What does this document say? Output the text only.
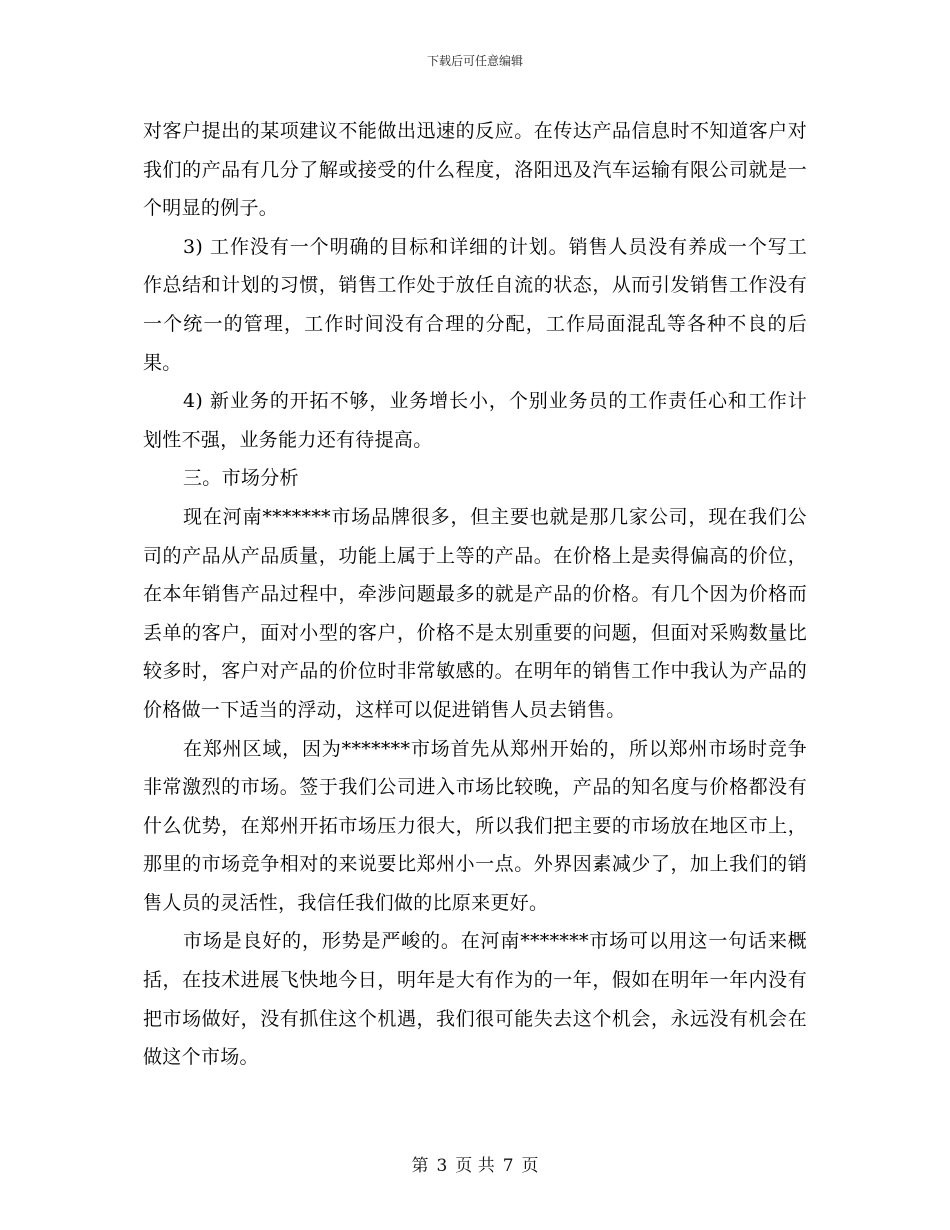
下载后可任意编辑

对客户提出的某项建议不能做出迅速的反应。在传达产品信息时不知道客户对我们的产品有几分了解或接受的什么程度，洛阳迅及汽车运输有限公司就是一个明显的例子。

3) 工作没有一个明确的目标和详细的计划。销售人员没有养成一个写工作总结和计划的习惯，销售工作处于放任自流的状态，从而引发销售工作没有一个统一的管理，工作时间没有合理的分配，工作局面混乱等各种不良的后果。

4) 新业务的开拓不够，业务增长小，个别业务员的工作责任心和工作计划性不强，业务能力还有待提高。

三。市场分析

现在河南*******市场品牌很多，但主要也就是那几家公司，现在我们公司的产品从产品质量，功能上属于上等的产品。在价格上是卖得偏高的价位，在本年销售产品过程中，牵涉问题最多的就是产品的价格。有几个因为价格而丢单的客户，面对小型的客户，价格不是太别重要的问题，但面对采购数量比较多时，客户对产品的价位时非常敏感的。在明年的销售工作中我认为产品的价格做一下适当的浮动，这样可以促进销售人员去销售。

在郑州区域，因为*******市场首先从郑州开始的，所以郑州市场时竞争非常激烈的市场。签于我们公司进入市场比较晚，产品的知名度与价格都没有什么优势，在郑州开拓市场压力很大，所以我们把主要的市场放在地区市上，那里的市场竞争相对的来说要比郑州小一点。外界因素减少了，加上我们的销售人员的灵活性，我信任我们做的比原来更好。

市场是良好的，形势是严峻的。在河南*******市场可以用这一句话来概括，在技术进展飞快地今日，明年是大有作为的一年，假如在明年一年内没有把市场做好，没有抓住这个机遇，我们很可能失去这个机会，永远没有机会在做这个市场。

第 3 页 共 7 页
